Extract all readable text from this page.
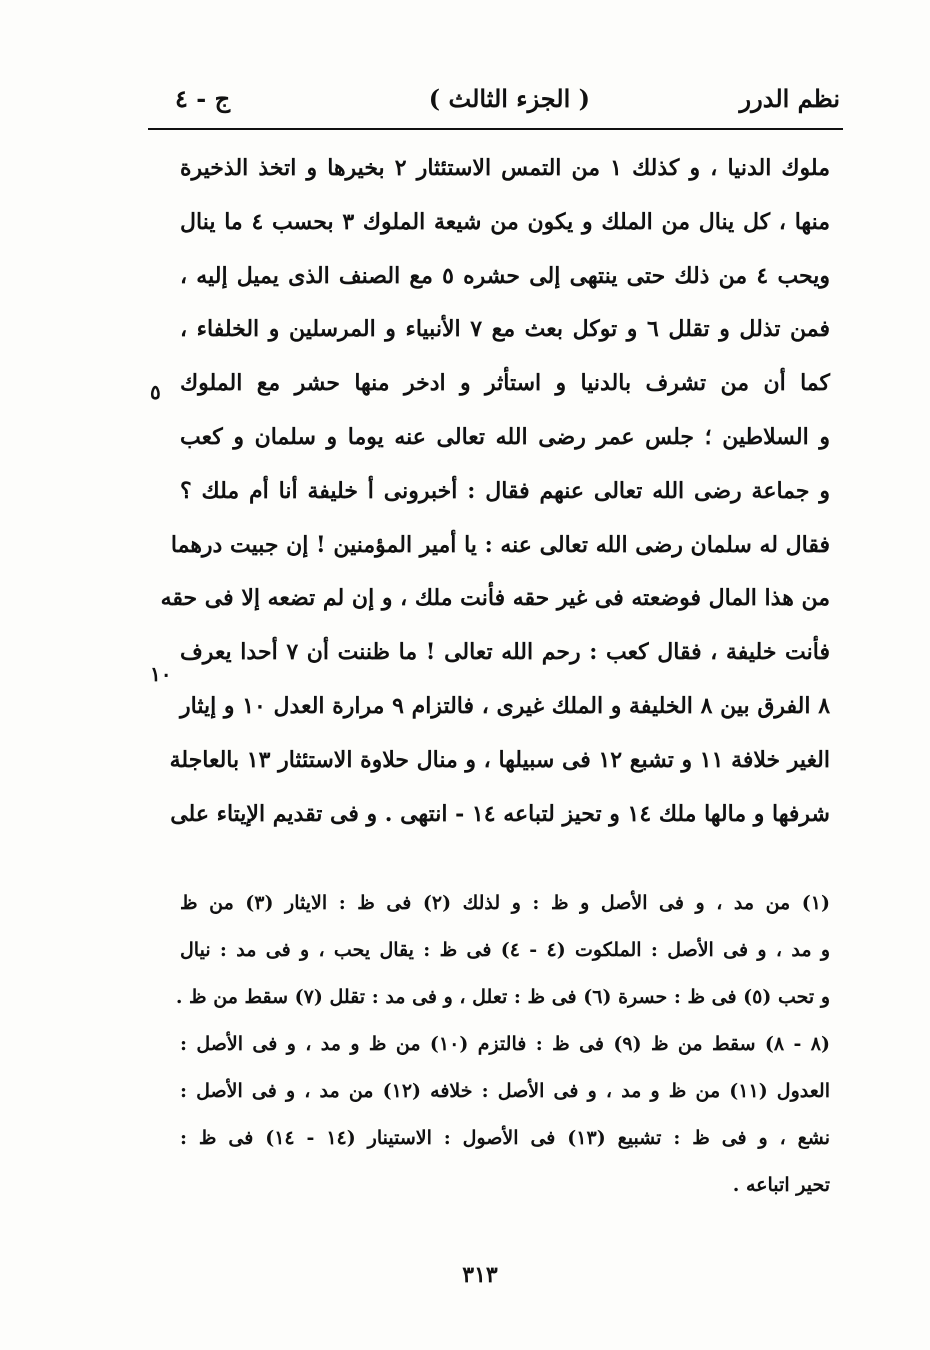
نظم الدرر
( الجزء الثالث )
ج - ٤
ملوك الدنيا ، و كذلك ١ من التمس الاستئثار ٢ بخيرها و اتخذ الذخيرة
منها ، كل ينال من الملك و يكون من شيعة الملوك ٣ بحسب ٤ ما ينال
ويحب ٤ من ذلك حتى ينتهى إلى حشره ٥ مع الصنف الذى يميل إليه ،
فمن تذلل و تقلل ٦ و توكل بعث مع ٧ الأنبياء و المرسلين و الخلفاء ،
كما أن من تشرف بالدنيا و استأثر و ادخر منها حشر مع الملوك
و السلاطين ؛ جلس عمر رضى الله تعالى عنه يوما و سلمان و كعب
و جماعة رضى الله تعالى عنهم فقال : أخبرونى أ خليفة أنا أم ملك ؟
فقال له سلمان رضى الله تعالى عنه : يا أمير المؤمنين ! إن جبيت درهما
من هذا المال فوضعته فى غير حقه فأنت ملك ، و إن لم تضعه إلا فى حقه
فأنت خليفة ، فقال كعب : رحم الله تعالى ! ما ظننت أن ٧ أحدا يعرف
٨ الفرق بين ٨ الخليفة و الملك غيرى ، فالتزام ٩ مرارة العدل ١٠ و إيثار
الغير خلافة ١١ و تشبع ١٢ فى سبيلها ، و منال حلاوة الاستئثار ١٣ بالعاجلة
شرفها و مالها ملك ١٤ و تحيز لتباعه ١٤ - انتهى . و فى تقديم الإيتاء على
٥
١٠
(١) من مد ، و فى الأصل و ظ : و لذلك (٢) فى ظ : الايثار (٣) من ظ
و مد ، و فى الأصل : الملكوت (٤ - ٤) فى ظ : يقال يحب ، و فى مد : نيال
و تحب (٥) فى ظ : حسرة (٦) فى ظ : تعلل ، و فى مد : تقلل (٧) سقط من ظ .
(٨ - ٨) سقط من ظ (٩) فى ظ : فالتزم (١٠) من ظ و مد ، و فى الأصل :
العدول (١١) من ظ و مد ، و فى الأصل : خلافه (١٢) من مد ، و فى الأصل :
نشع ، و فى ظ : تشبيع (١٣) فى الأصول : الاستينار (١٤ - ١٤) فى ظ :
تحير اتباعه .
٣١٣
